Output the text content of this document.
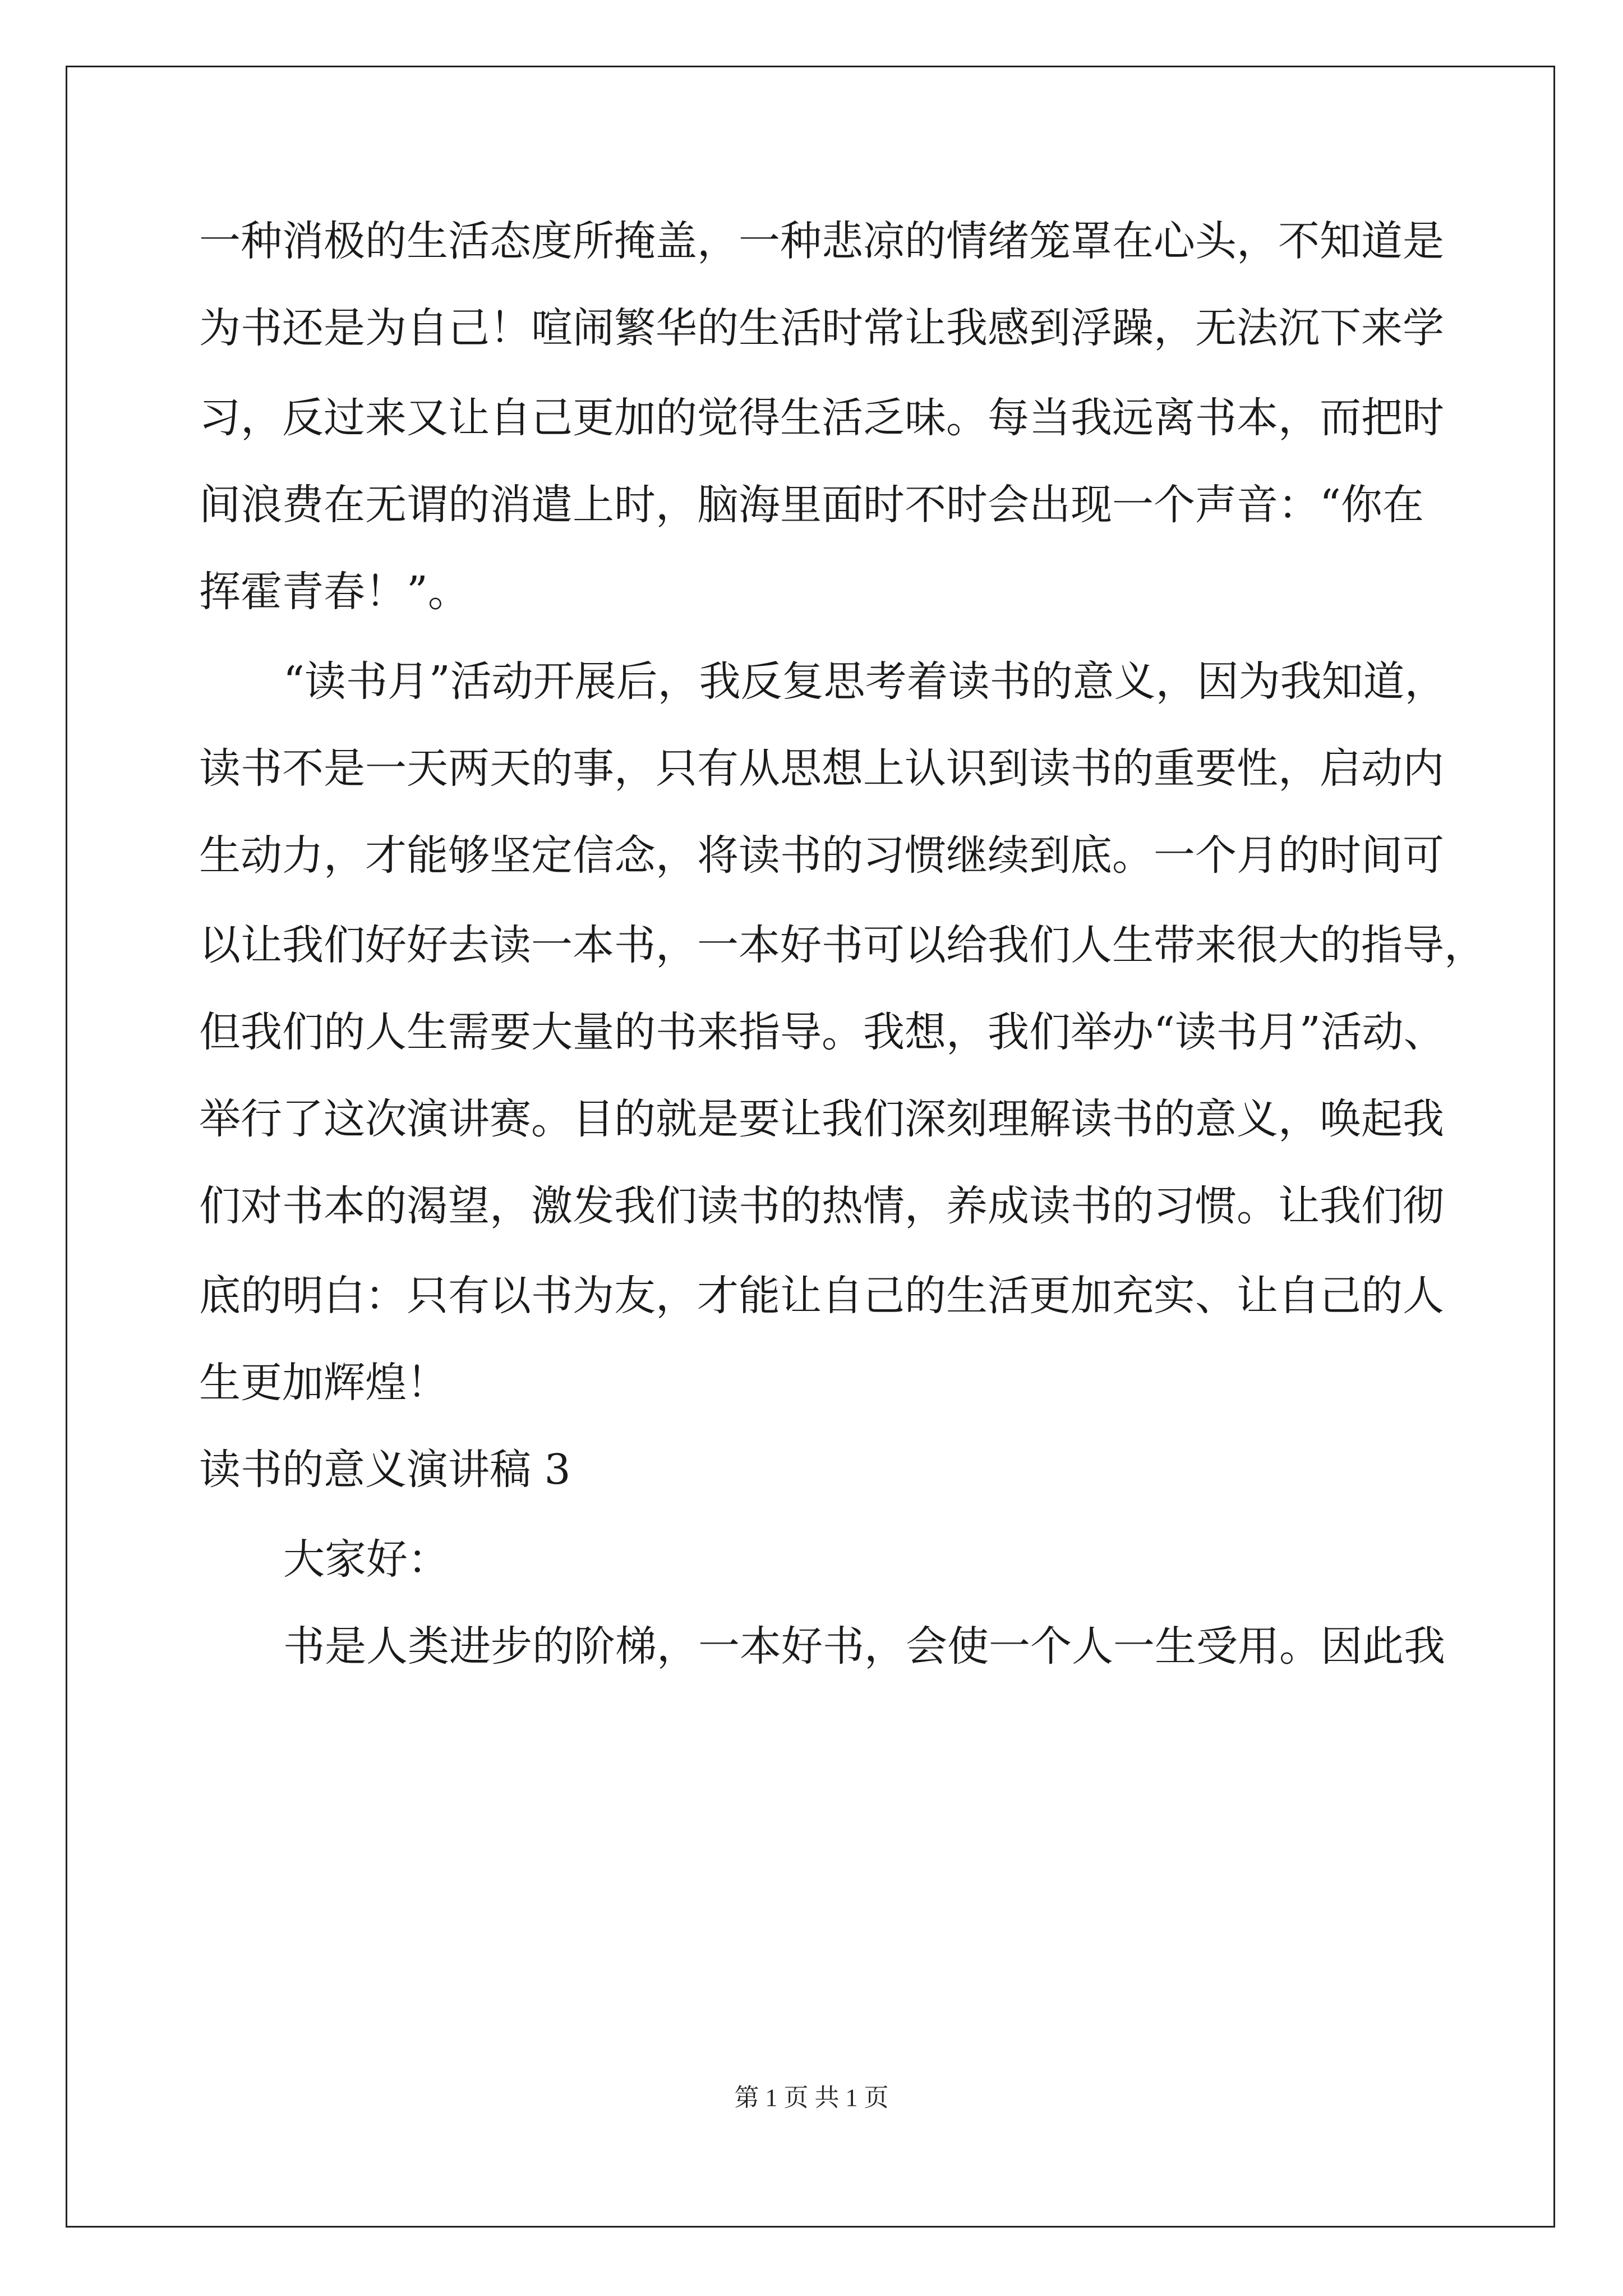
一种消极的生活态度所掩盖，一种悲凉的情绪笼罩在心头，不知道是
为书还是为自己！喧闹繁华的生活时常让我感到浮躁，无法沉下来学
习，反过来又让自己更加的觉得生活乏味。每当我远离书本，而把时
间浪费在无谓的消遣上时，脑海里面时不时会出现一个声音：“你在
挥霍青春！”。
“读书月”活动开展后，我反复思考着读书的意义，因为我知道，
读书不是一天两天的事，只有从思想上认识到读书的重要性，启动内
生动力，才能够坚定信念，将读书的习惯继续到底。一个月的时间可
以让我们好好去读一本书，一本好书可以给我们人生带来很大的指导，
但我们的人生需要大量的书来指导。我想，我们举办“读书月”活动、
举行了这次演讲赛。目的就是要让我们深刻理解读书的意义，唤起我
们对书本的渴望，激发我们读书的热情，养成读书的习惯。让我们彻
底的明白：只有以书为友，才能让自己的生活更加充实、让自己的人
生更加辉煌！
读书的意义演讲稿 3
大家好：
书是人类进步的阶梯，一本好书，会使一个人一生受用。因此我
第 1 页 共 1 页
